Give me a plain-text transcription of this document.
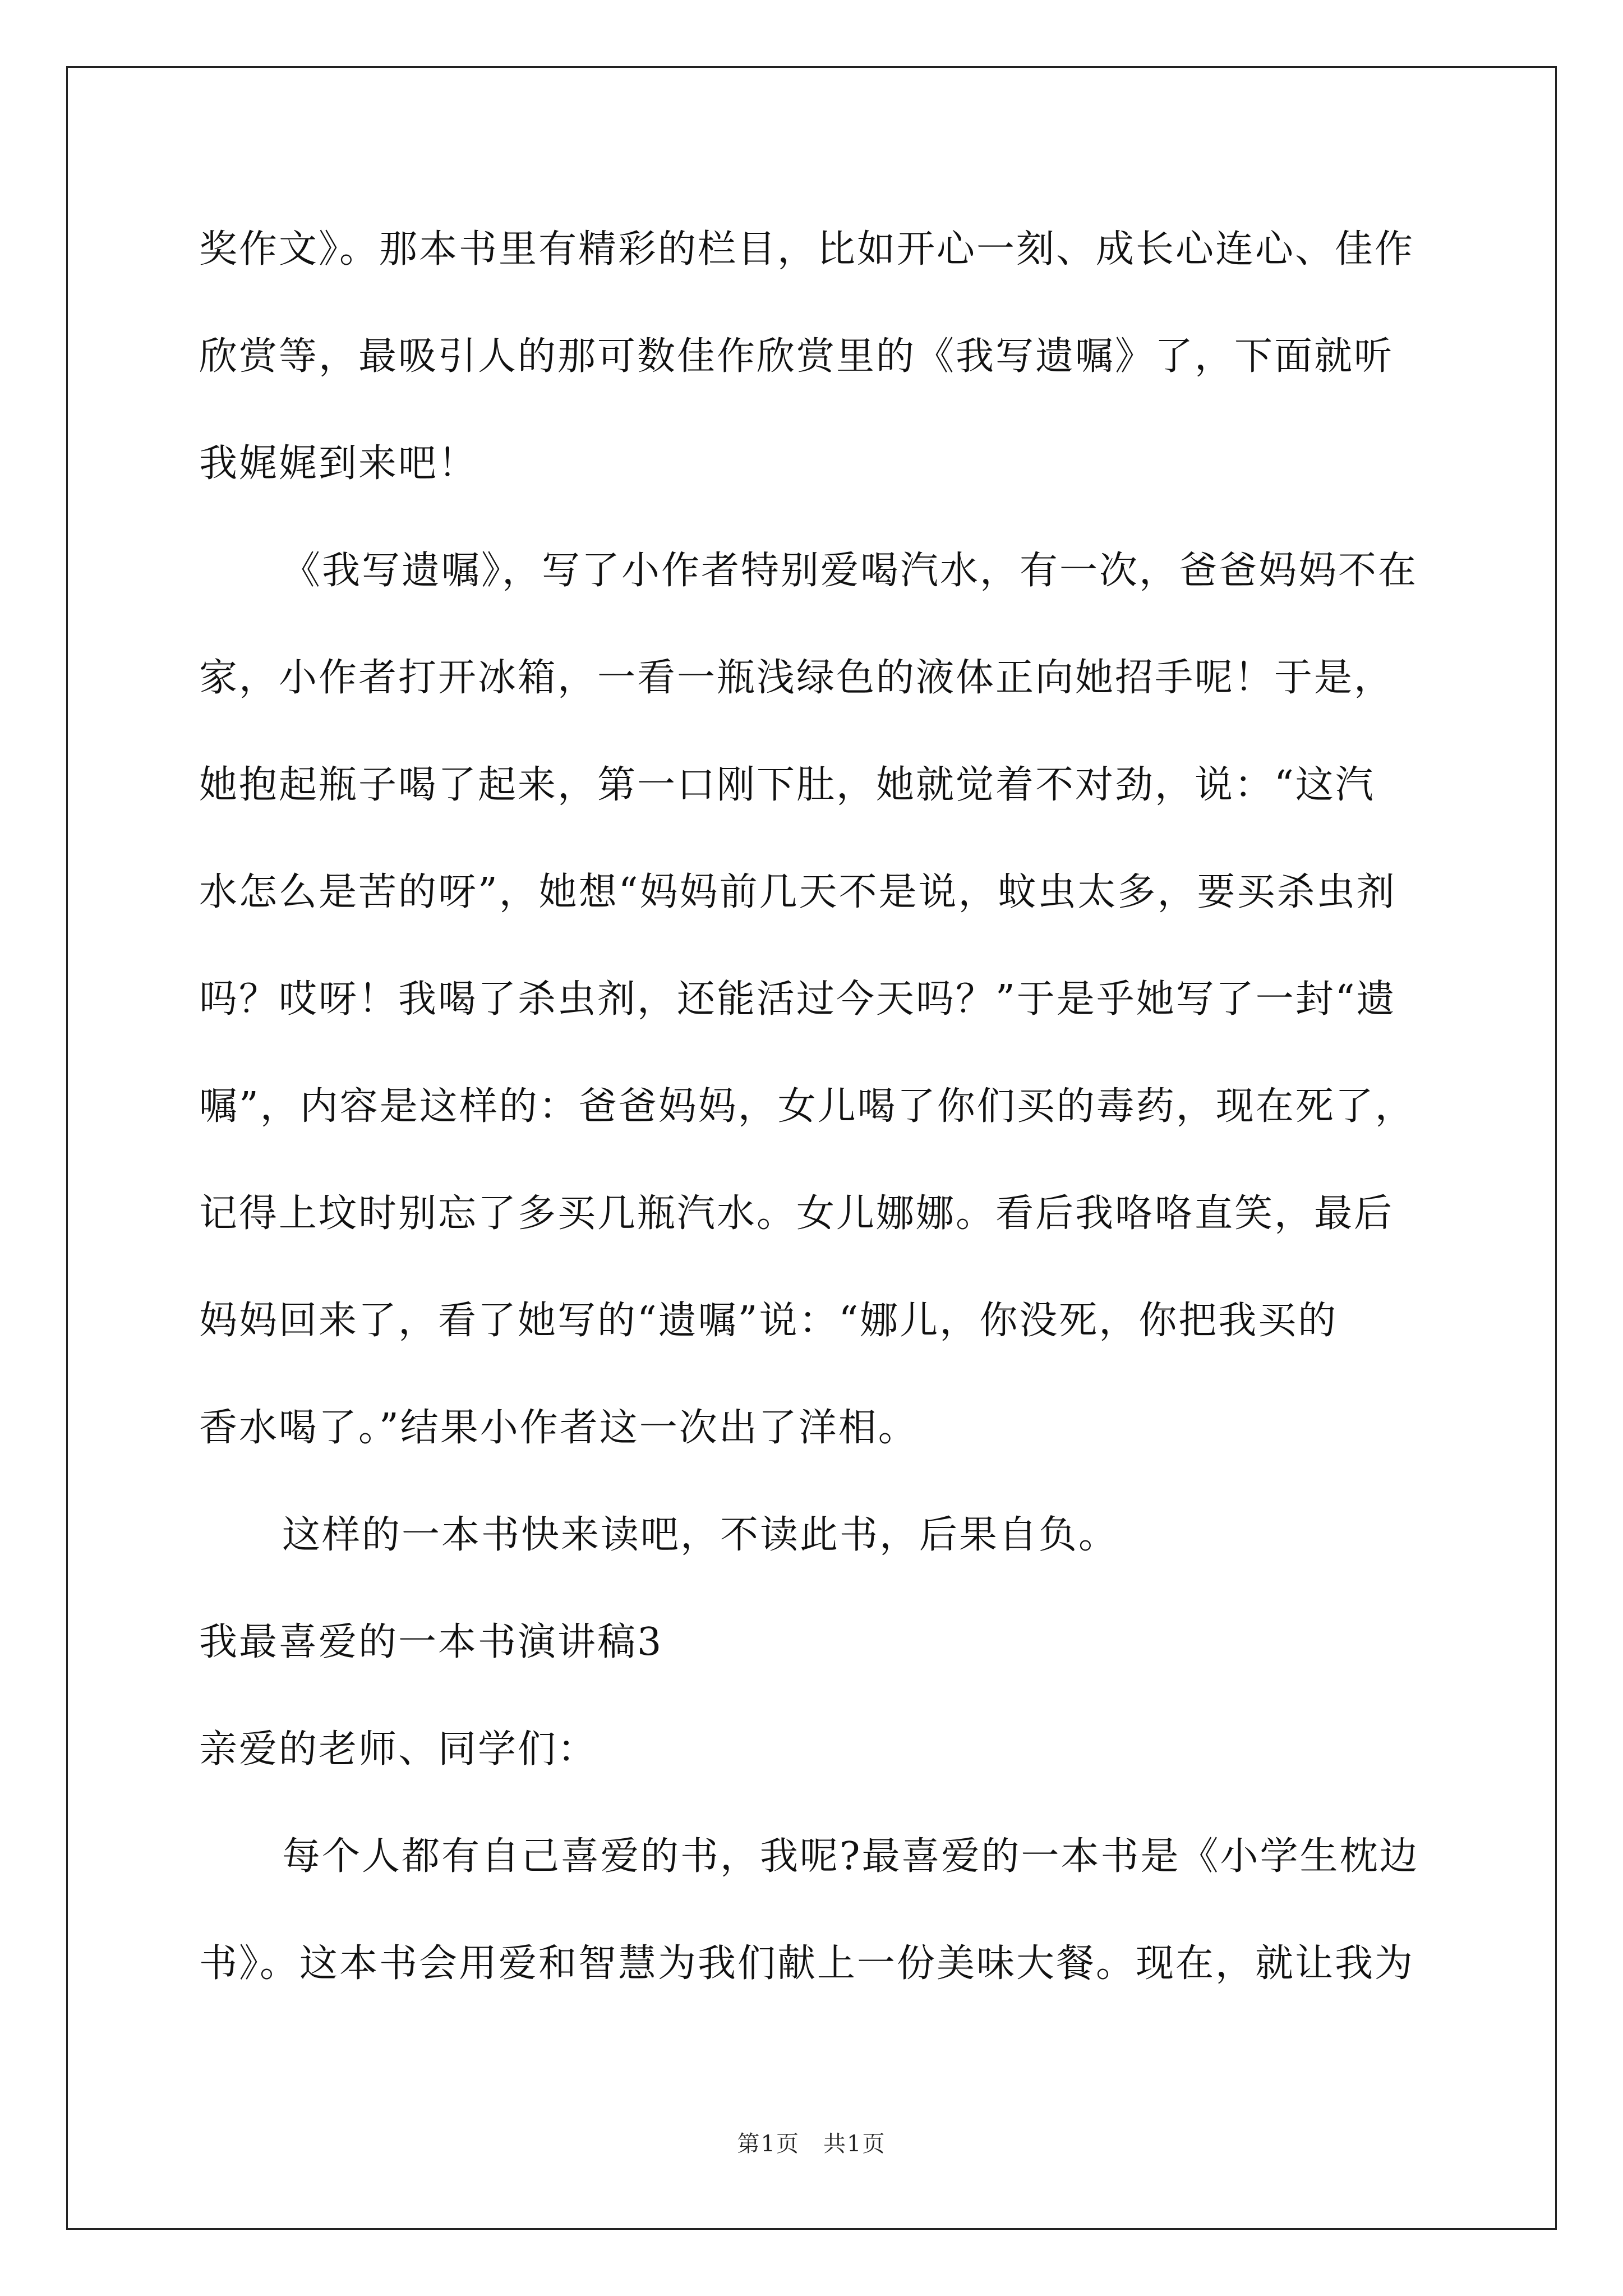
奖作文》。那本书里有精彩的栏目，比如开心一刻、成长心连心、佳作
欣赏等，最吸引人的那可数佳作欣赏里的《我写遗嘱》了，下面就听
我娓娓到来吧！
《我写遗嘱》，写了小作者特别爱喝汽水，有一次，爸爸妈妈不在
家，小作者打开冰箱，一看一瓶浅绿色的液体正向她招手呢！于是，
她抱起瓶子喝了起来，第一口刚下肚，她就觉着不对劲，说：“这汽
水怎么是苦的呀”，她想“妈妈前几天不是说，蚊虫太多，要买杀虫剂
吗？哎呀！我喝了杀虫剂，还能活过今天吗？”于是乎她写了一封“遗
嘱”，内容是这样的：爸爸妈妈，女儿喝了你们买的毒药，现在死了，
记得上坟时别忘了多买几瓶汽水。女儿娜娜。看后我咯咯直笑，最后
妈妈回来了，看了她写的“遗嘱”说：“娜儿，你没死，你把我买的
香水喝了。”结果小作者这一次出了洋相。
这样的一本书快来读吧，不读此书，后果自负。
我最喜爱的一本书演讲稿3
亲爱的老师、同学们：
每个人都有自己喜爱的书，我呢?最喜爱的一本书是《小学生枕边
书》。这本书会用爱和智慧为我们献上一份美味大餐。现在，就让我为
第1页　共1页
